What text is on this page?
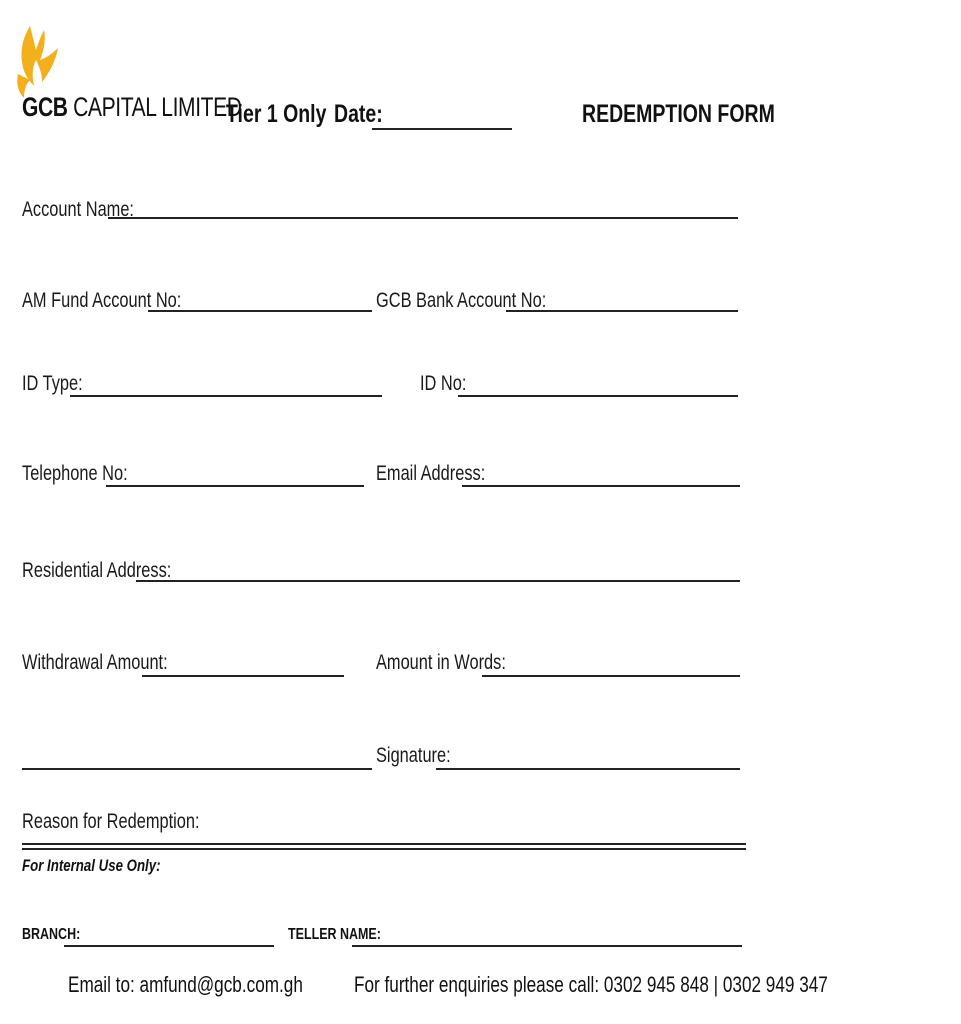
GCB CAPITAL LIMITED
Tier 1 Only Date:	REDEMPTION FORM
Account Name:
AM Fund Account No:	GCB Bank Account No:
ID Type:	ID No:
Telephone No:	Email Address:
Residential Address:
Withdrawal Amount:	Amount in Words:
Signature:
Reason for Redemption:
For Internal Use Only:
BRANCH:	TELLER NAME:
Email to: amfund@gcb.com.gh	For further enquiries please call: 0302 945 848 | 0302 949 347
